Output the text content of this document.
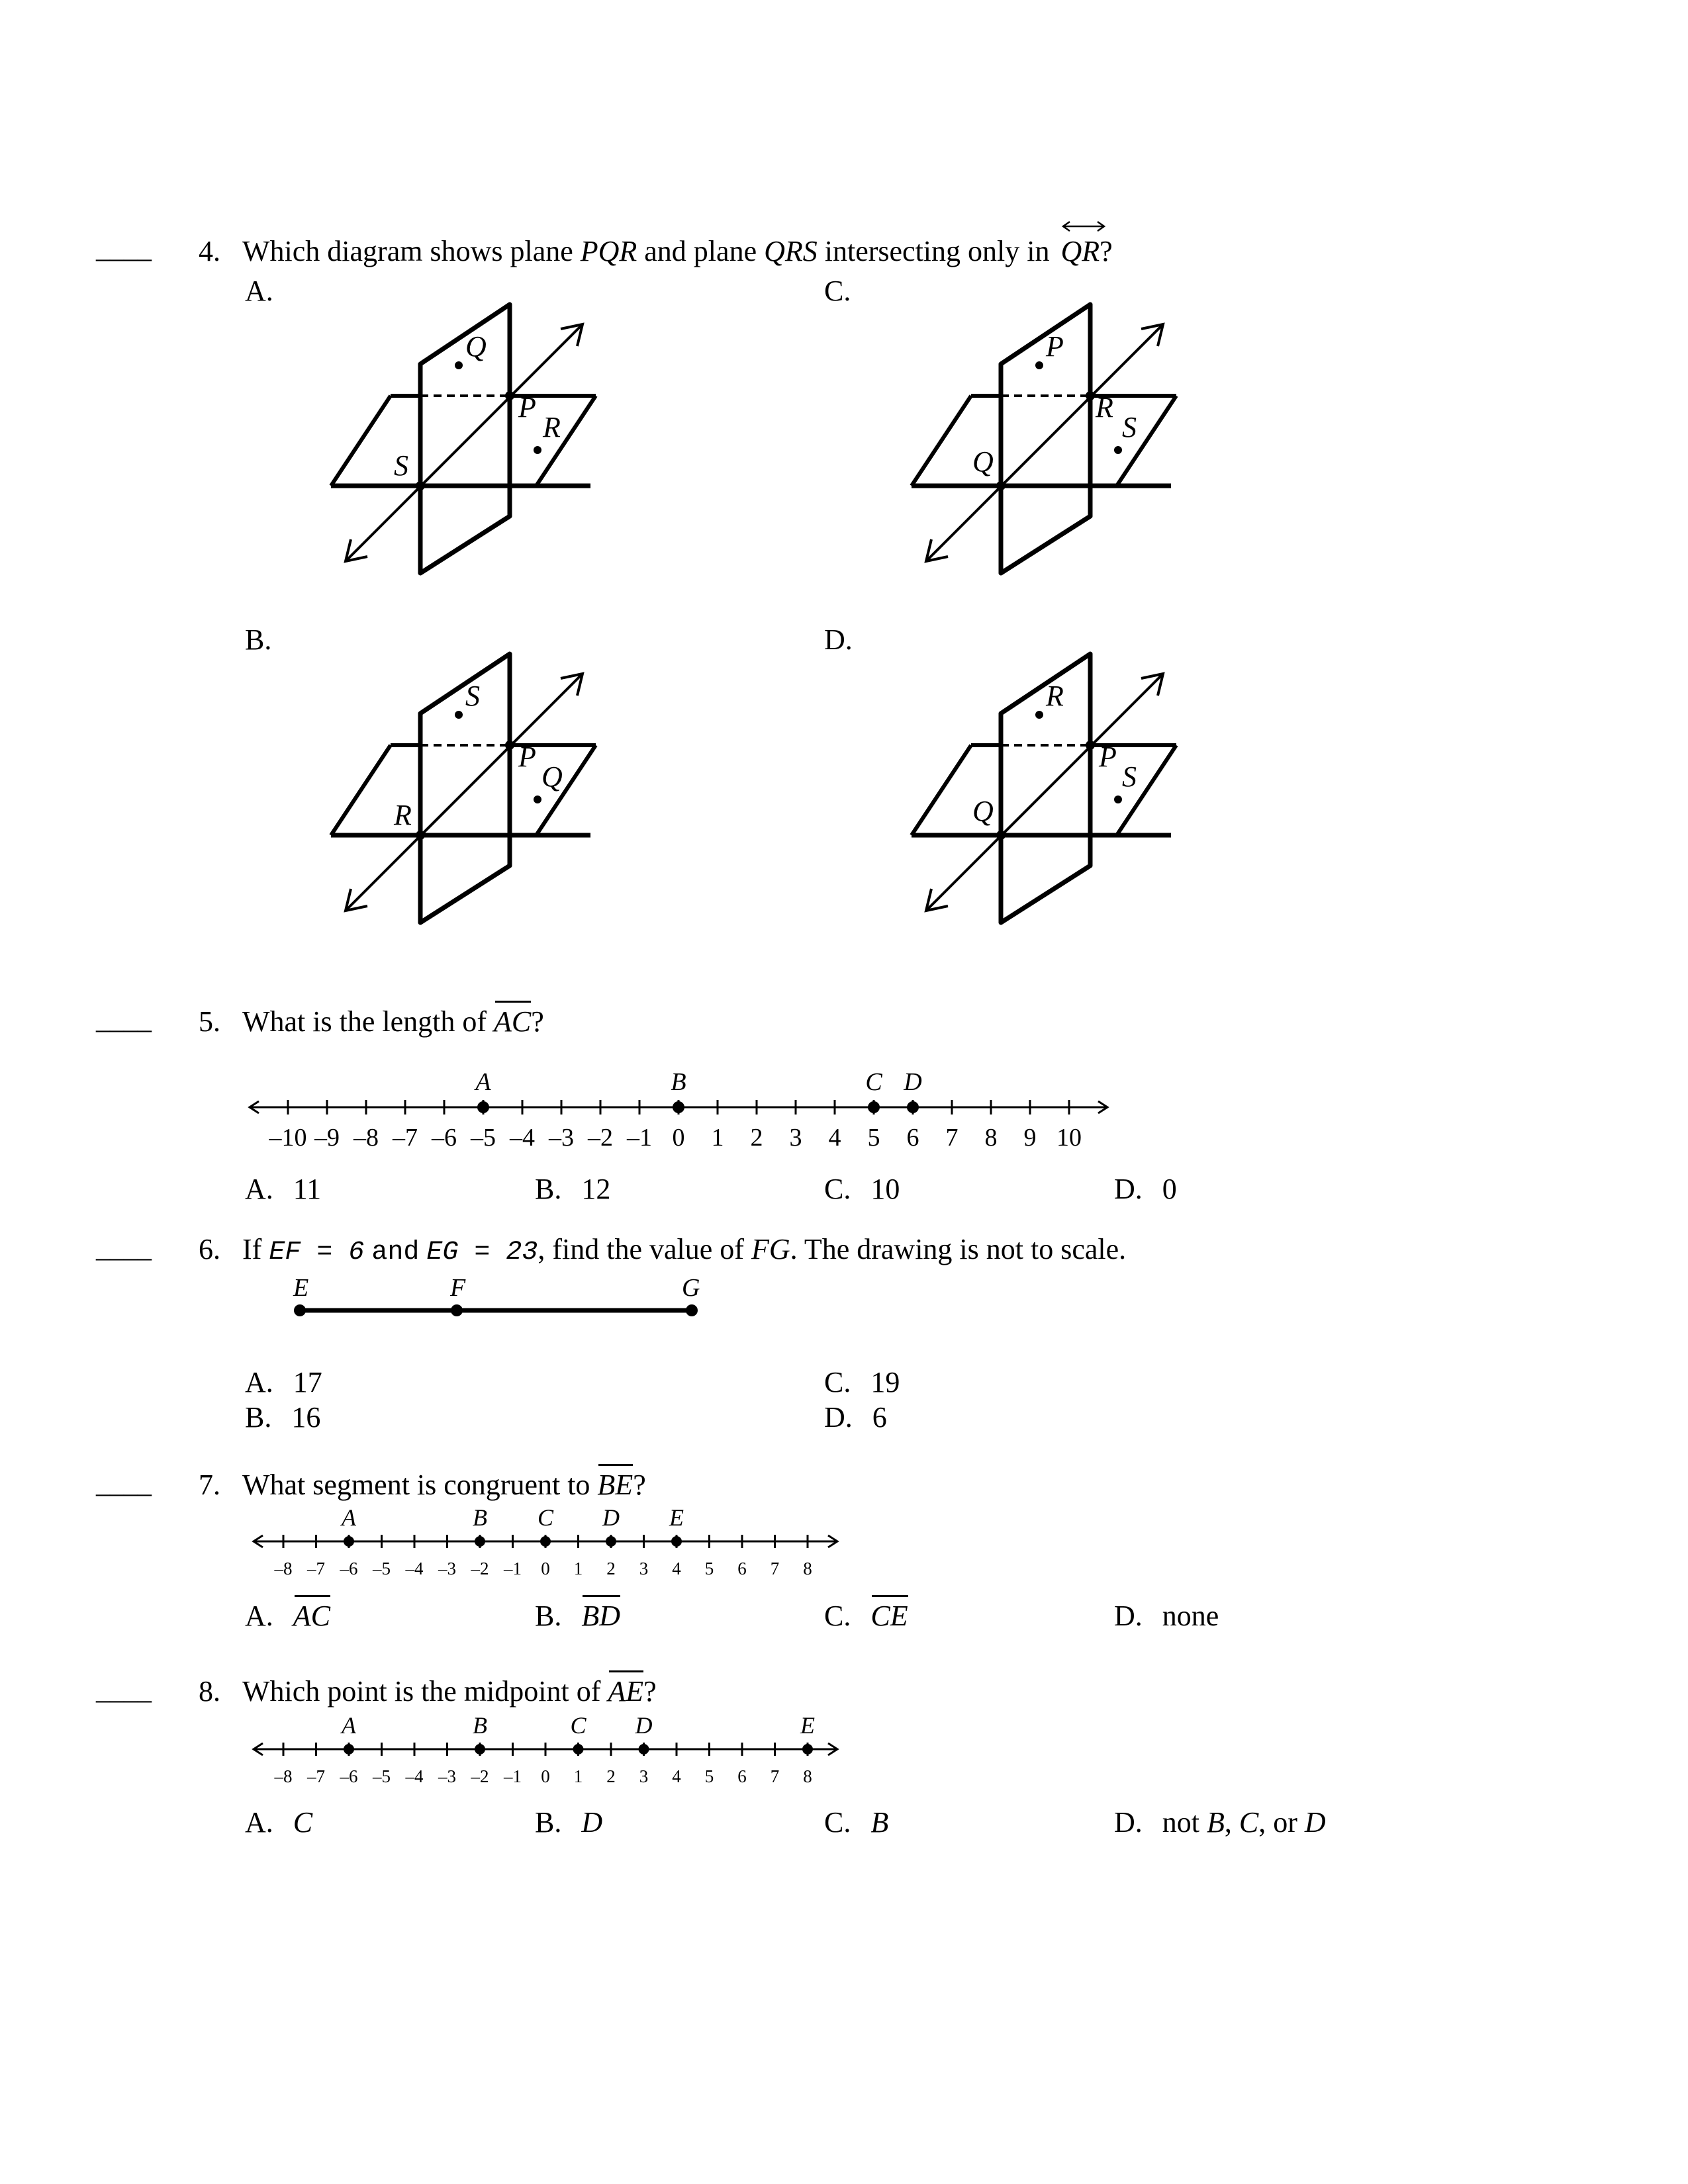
____ 4. Which diagram shows plane PQR and plane QRS intersecting only in QR?
A.
B.
C.
D.
Q
P
R
S
S
P
Q
R
P
R
S
Q
R
P
S
Q
____ 5. What is the length of AC?
–10 –9 –8 –7 –6 –5 –4 –3 –2 –1 0 1 2 3 4 5 6 7 8 9 10
A	B	C D
A. 11	B. 12	C. 10	D. 0
____ 6. If EF = 6 and EG = 23, find the value of FG. The drawing is not to scale.
E	F	G
A. 17
B. 16
C. 19
D. 6
____ 7. What segment is congruent to BE?
–8 –7 –6 –5 –4 –3 –2 –1 0 1 2 3 4 5 6 7 8
A	B C D E
A. AC	B. BD	C. CE	D. none
____ 8. Which point is the midpoint of AE?
–8 –7 –6 –5 –4 –3 –2 –1 0 1 2 3 4 5 6 7 8
A	B	C D	E
A. C	B. D	C. B	D. not B, C, or D
